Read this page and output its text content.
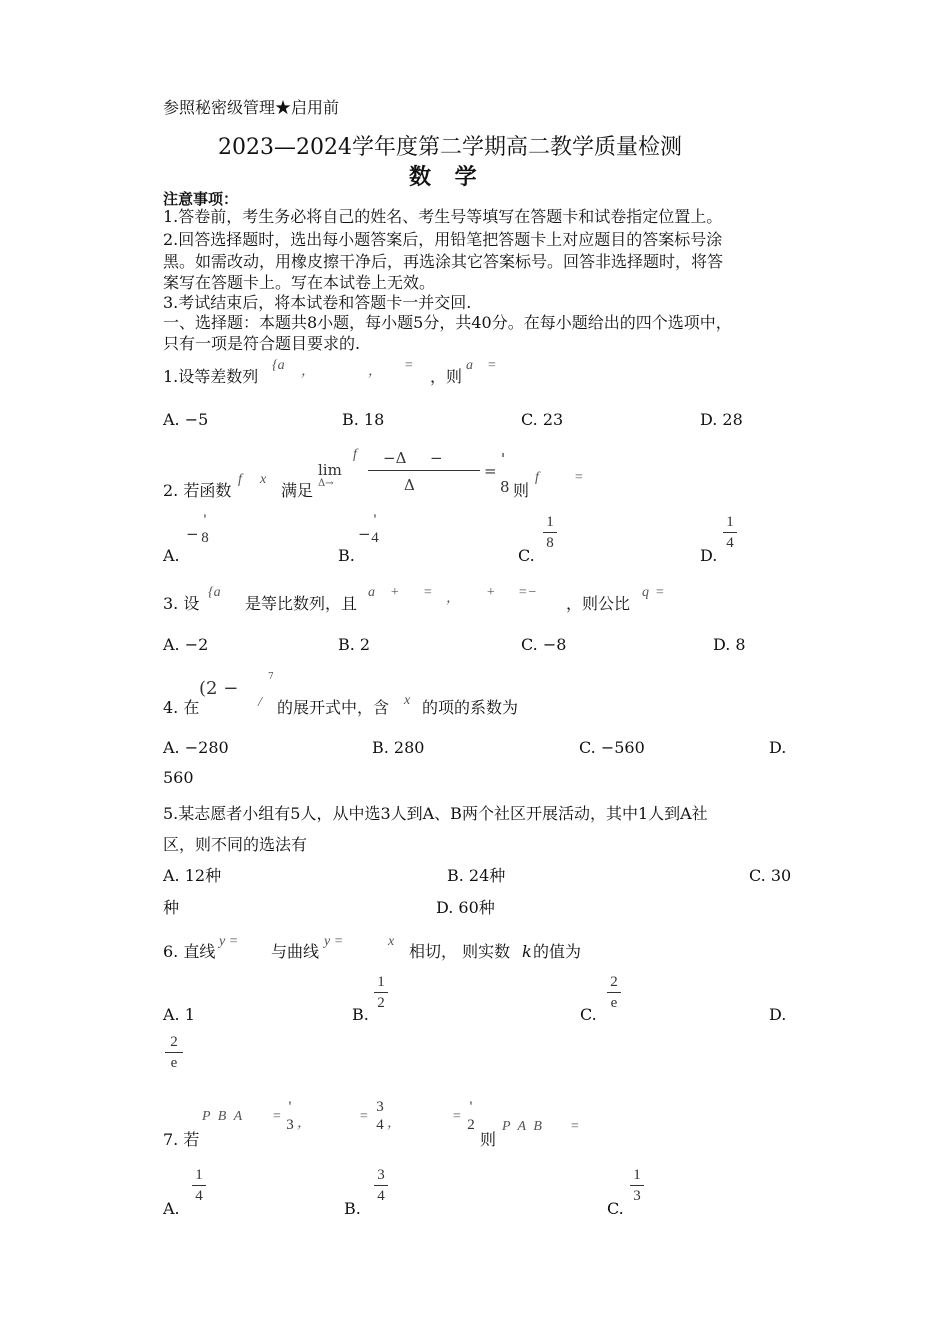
参照秘密级管理★启用前
2023—2024学年度第二学期高二教学质量检测
数 学
注意事项：
1.答卷前，考生务必将自己的姓名、考生号等填写在答题卡和试卷指定位置上。
2.回答选择题时，选出每小题答案后，用铅笔把答题卡上对应题目的答案标号涂
黑。如需改动，用橡皮擦干净后，再选涂其它答案标号。回答非选择题时，将答
案写在答题卡上。写在本试卷上无效。
3.考试结束后，将本试卷和答题卡一并交回.
一、选择题：本题共8小题，每小题5分，共40分。在每小题给出的四个选项中，
只有一项是符合题目要求的.
1.设等差数列
{a ，	， =
，则
a =
A. −5	B. 18	C. 23	D. 28
2. 若函数
f x
满足
lim
Δ→
f −Δ −
Δ
=
'
8 则
f	=
A.
−
'
8
B.
−
'
4
C.
1
8
D.
1
4
3. 设
{a
是等比数列，且
a + = ， + =−
，则公比
q =
A. −2	B. 2	C. −8	D. 8
4. 在
(2 −
7
/ 的展开式中，含 x 的项的系数为
A. −280	B. 280	C. −560	D.
560
5.某志愿者小组有5人，从中选3人到A、B两个社区开展活动，其中1人到A社
区，则不同的选法有
A. 12种	B. 24种	C. 30
种	D. 60种
6. 直线
y =
与曲线
y =	x
相切， 则实数 k 的值为
A. 1	B.
1
2
C.
2
e
D.
2
e
7. 若
P B A =
'
3 ，	=
3
4 ，	=
'
2
则
P A B =
A.
1
4
B.
3
4
C.
1
3
